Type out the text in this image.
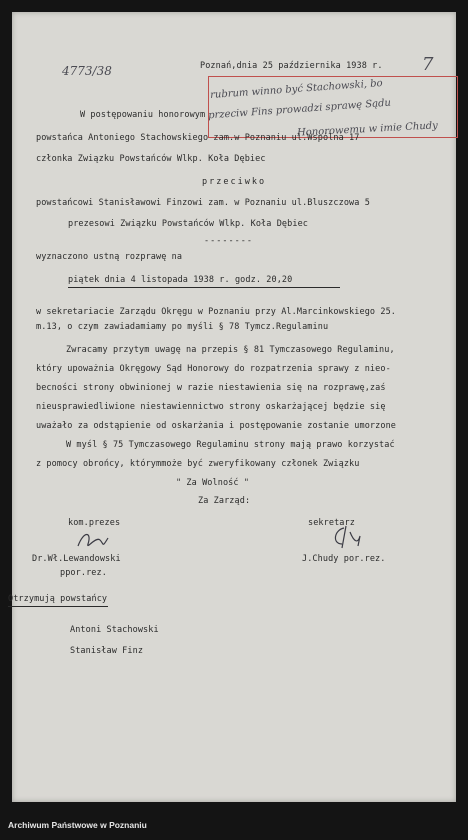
4773/38	7
Poznań,dnia 25 października 1938 r.
rubrum winno być Stachowski, bo
przeciw Fins prowadzi sprawę Sądu
Honorowemu w imie Chudy
W postępowaniu honorowym
powstańca Antoniego Stachowskiego zam.w Poznaniu ul.Wspólna 17
członka Związku Powstańców Wlkp. Koła Dębiec
przeciwko
powstańcowi Stanisławowi Finzowi zam. w Poznaniu ul.Bluszczowa 5
prezesowi Związku Powstańców Wlkp. Koła Dębiec
--------
wyznaczono ustną rozprawę na
piątek dnia 4 listopada 1938 r. godz. 20,20
w sekretariacie Zarządu Okręgu w Poznaniu przy Al.Marcinkowskiego 25.
m.13, o czym zawiadamiamy po myśli § 78 Tymcz.Regulaminu
Zwracamy przytym uwagę na przepis § 81 Tymczasowego Regulaminu,
który upoważnia Okręgowy Sąd Honorowy do rozpatrzenia sprawy z nieo-
becności strony obwinionej w razie niestawienia się na rozprawę,zaś
nieusprawiedliwione niestawiennictwo strony oskarżającej będzie się
uważało za odstąpienie od oskarżania i postępowanie zostanie umorzone
W myśl § 75 Tymczasowego Regulaminu strony mają prawo korzystać
z pomocy obrońcy, którymmoże być zweryfikowany członek Związku
" Za Wolność "
Za Zarząd:
kom.prezes
Dr.Wł.Lewandowski
ppor.rez.
sekretarz
J.Chudy por.rez.
Otrzymują powstańcy
Antoni Stachowski
Stanisław Finz
Archiwum Państwowe w Poznaniu
